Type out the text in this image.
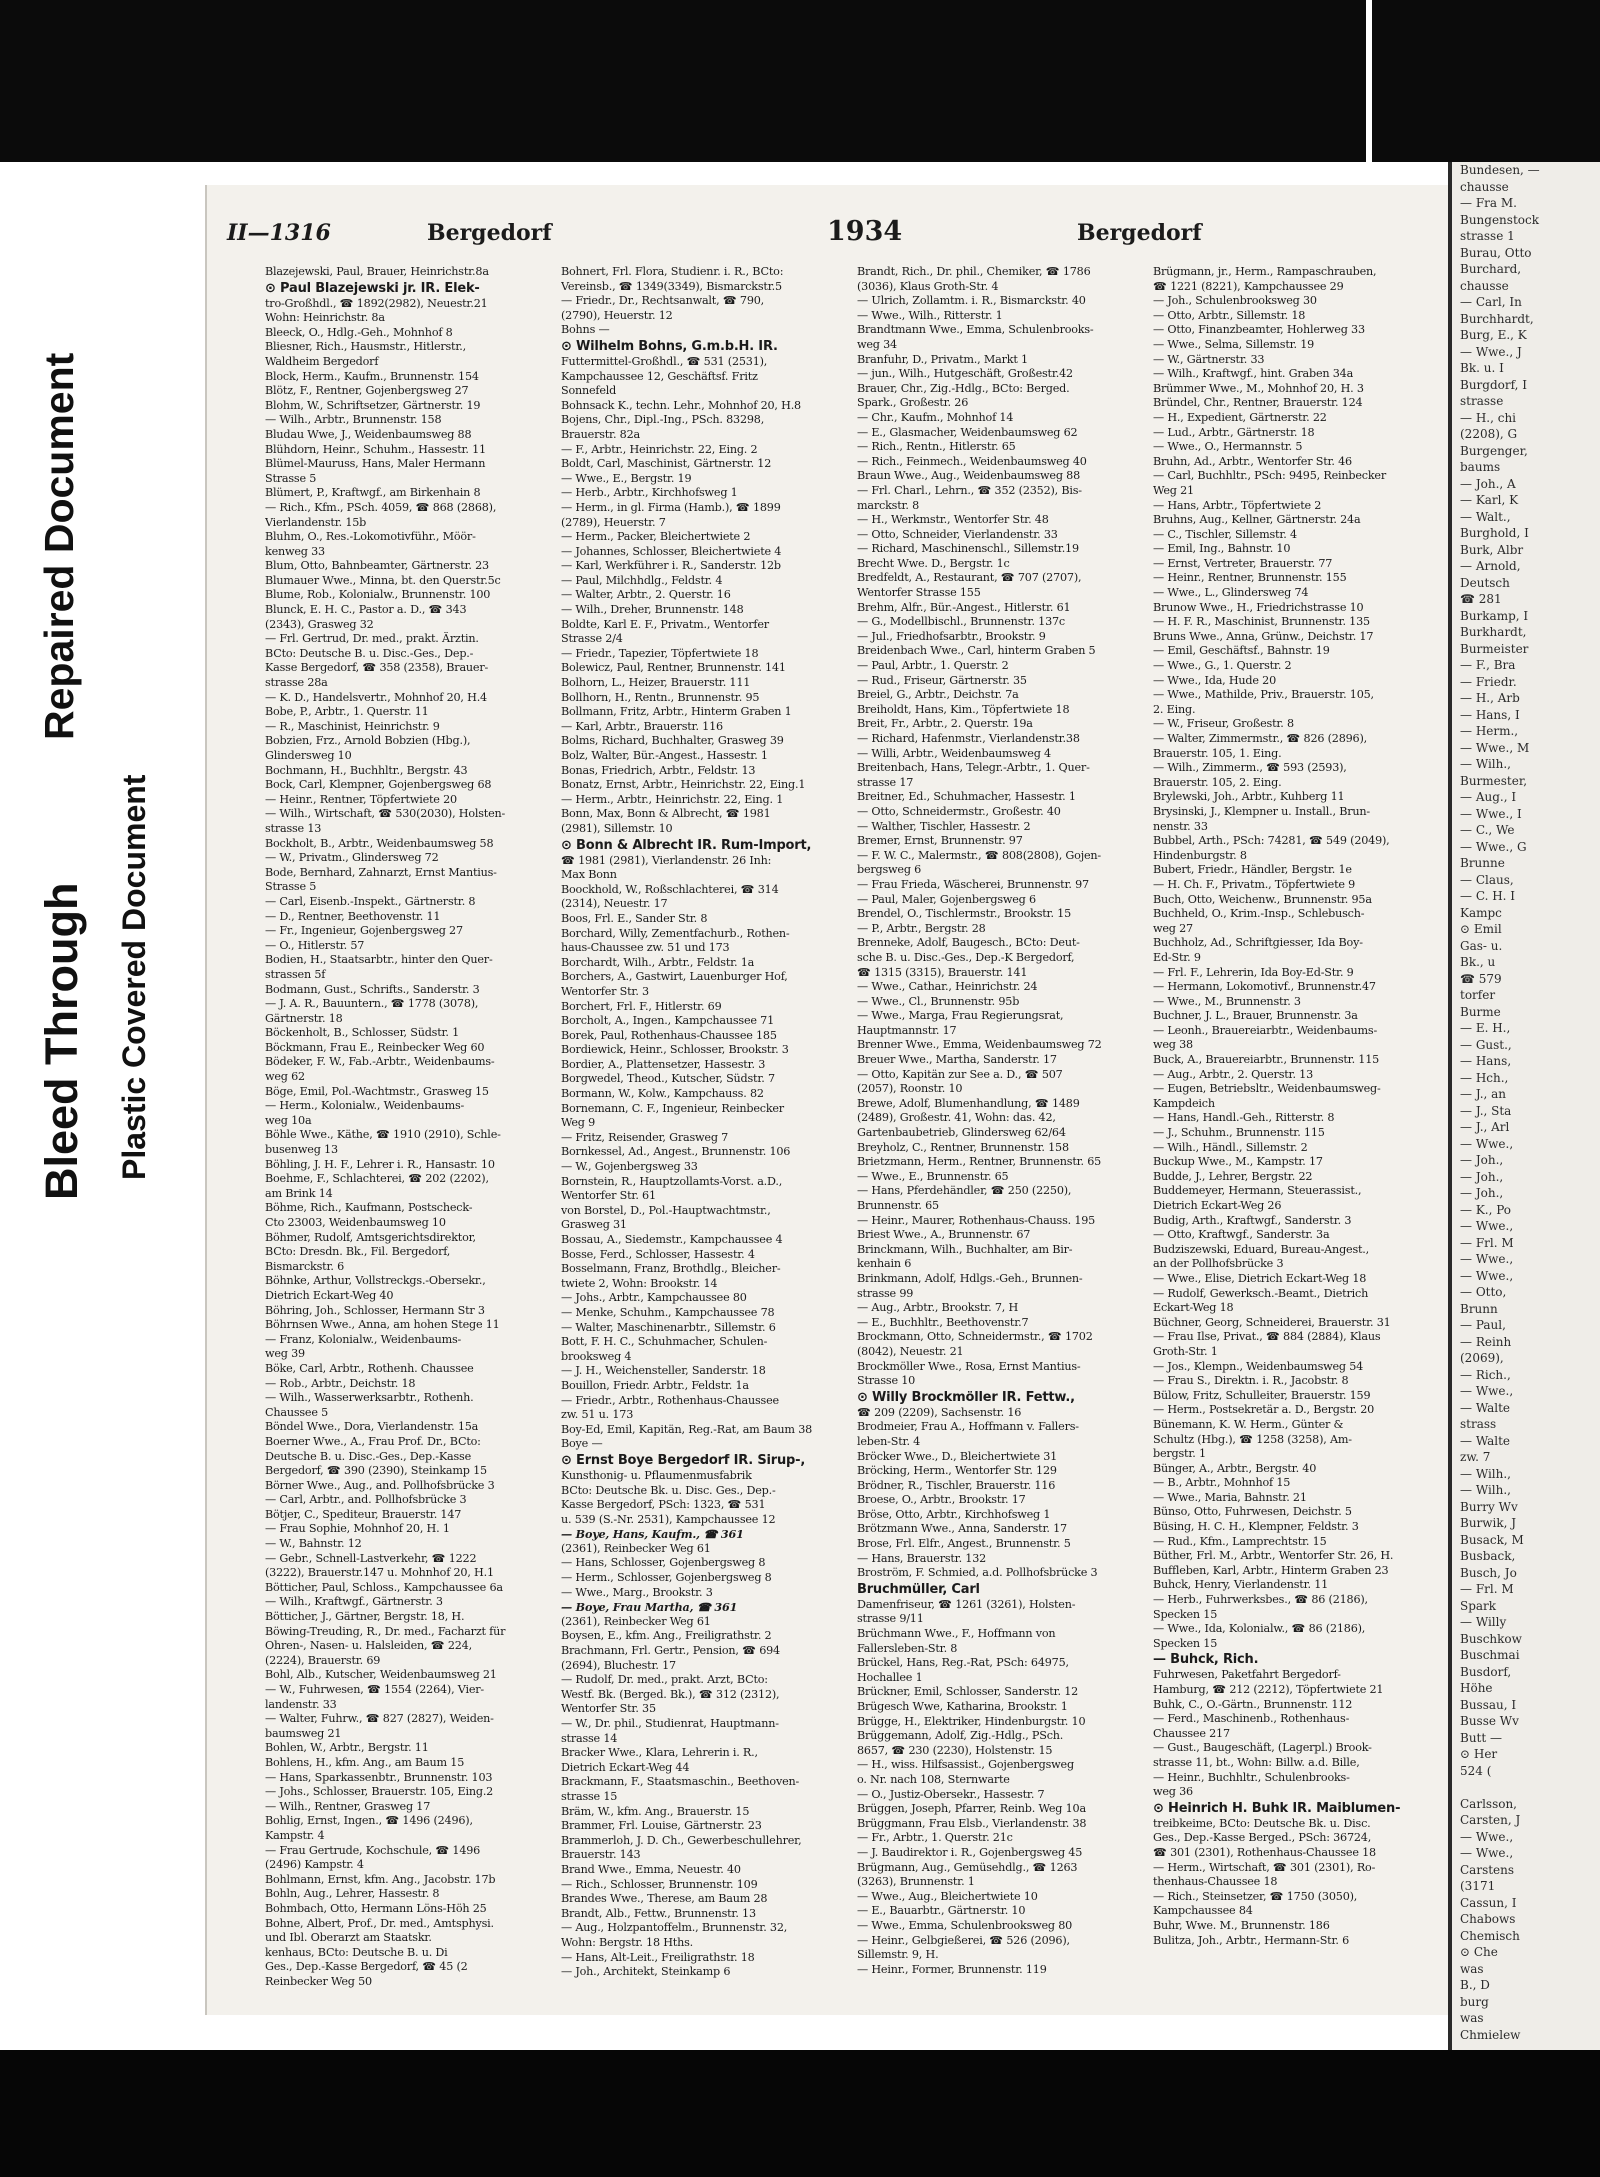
Bleed Through
Repaired Document
Plastic Covered Document
II—1316	Bergedorf	1934	Bergedorf
Blazejewski, Paul, Brauer, Heinrichstr.8a
⊙ Paul Blazejewski jr. IR. Elek-
tro-Großhdl., ☎ 1892(2982), Neuestr.21
Wohn: Heinrichstr. 8a
Bleeck, O., Hdlg.-Geh., Mohnhof 8
Bliesner, Rich., Hausmstr., Hitlerstr.,
Waldheim Bergedorf
Block, Herm., Kaufm., Brunnenstr. 154
Blötz, F., Rentner, Gojenbergsweg 27
Blohm, W., Schriftsetzer, Gärtnerstr. 19
— Wilh., Arbtr., Brunnenstr. 158
Bludau Wwe, J., Weidenbaumsweg 88
Blühdorn, Heinr., Schuhm., Hassestr. 11
Blümel-Mauruss, Hans, Maler Hermann
Strasse 5
Blümert, P., Kraftwgf., am Birkenhain 8
— Rich., Kfm., PSch. 4059, ☎ 868 (2868),
Vierlandenstr. 15b
Bluhm, O., Res.-Lokomotivführ., Möör-
kenweg 33
Blum, Otto, Bahnbeamter, Gärtnerstr. 23
Blumauer Wwe., Minna, bt. den Querstr.5c
Blume, Rob., Kolonialw., Brunnenstr. 100
Blunck, E. H. C., Pastor a. D., ☎ 343
(2343), Grasweg 32
— Frl. Gertrud, Dr. med., prakt. Ärztin.
BCto: Deutsche B. u. Disc.-Ges., Dep.-
Kasse Bergedorf, ☎ 358 (2358), Brauer-
strasse 28a
— K. D., Handelsvertr., Mohnhof 20, H.4
Bobe, P., Arbtr., 1. Querstr. 11
— R., Maschinist, Heinrichstr. 9
Bobzien, Frz., Arnold Bobzien (Hbg.),
Glindersweg 10
Bochmann, H., Buchhltr., Bergstr. 43
Bock, Carl, Klempner, Gojenbergsweg 68
— Heinr., Rentner, Töpfertwiete 20
— Wilh., Wirtschaft, ☎ 530(2030), Holsten-
strasse 13
Bockholt, B., Arbtr., Weidenbaumsweg 58
— W., Privatm., Glindersweg 72
Bode, Bernhard, Zahnarzt, Ernst Mantius-
Strasse 5
— Carl, Eisenb.-Inspekt., Gärtnerstr. 8
— D., Rentner, Beethovenstr. 11
— Fr., Ingenieur, Gojenbergsweg 27
— O., Hitlerstr. 57
Bodien, H., Staatsarbtr., hinter den Quer-
strassen 5f
Bodmann, Gust., Schrifts., Sanderstr. 3
— J. A. R., Bauuntern., ☎ 1778 (3078),
Gärtnerstr. 18
Böckenholt, B., Schlosser, Südstr. 1
Böckmann, Frau E., Reinbecker Weg 60
Bödeker, F. W., Fab.-Arbtr., Weidenbaums-
weg 62
Böge, Emil, Pol.-Wachtmstr., Grasweg 15
— Herm., Kolonialw., Weidenbaums-
weg 10a
Böhle Wwe., Käthe, ☎ 1910 (2910), Schle-
busenweg 13
Böhling, J. H. F., Lehrer i. R., Hansastr. 10
Boehme, F., Schlachterei, ☎ 202 (2202),
am Brink 14
Böhme, Rich., Kaufmann, Postscheck-
Cto 23003, Weidenbaumsweg 10
Böhmer, Rudolf, Amtsgerichtsdirektor,
BCto: Dresdn. Bk., Fil. Bergedorf,
Bismarckstr. 6
Böhnke, Arthur, Vollstreckgs.-Obersekr.,
Dietrich Eckart-Weg 40
Böhring, Joh., Schlosser, Hermann Str 3
Böhrnsen Wwe., Anna, am hohen Stege 11
— Franz, Kolonialw., Weidenbaums-
weg 39
Böke, Carl, Arbtr., Rothenh. Chaussee
— Rob., Arbtr., Deichstr. 18
— Wilh., Wasserwerksarbtr., Rothenh.
Chaussee 5
Böndel Wwe., Dora, Vierlandenstr. 15a
Boerner Wwe., A., Frau Prof. Dr., BCto:
Deutsche B. u. Disc.-Ges., Dep.-Kasse
Bergedorf, ☎ 390 (2390), Steinkamp 15
Börner Wwe., Aug., and. Pollhofsbrücke 3
— Carl, Arbtr., and. Pollhofsbrücke 3
Bötjer, C., Spediteur, Brauerstr. 147
— Frau Sophie, Mohnhof 20, H. 1
— W., Bahnstr. 12
— Gebr., Schnell-Lastverkehr, ☎ 1222
(3222), Brauerstr.147 u. Mohnhof 20, H.1
Bötticher, Paul, Schloss., Kampchaussee 6a
— Wilh., Kraftwgf., Gärtnerstr. 3
Bötticher, J., Gärtner, Bergstr. 18, H.
Böwing-Treuding, R., Dr. med., Facharzt für
Ohren-, Nasen- u. Halsleiden, ☎ 224,
(2224), Brauerstr. 69
Bohl, Alb., Kutscher, Weidenbaumsweg 21
— W., Fuhrwesen, ☎ 1554 (2264), Vier-
landenstr. 33
— Walter, Fuhrw., ☎ 827 (2827), Weiden-
baumsweg 21
Bohlen, W., Arbtr., Bergstr. 11
Bohlens, H., kfm. Ang., am Baum 15
— Hans, Sparkassenbtr., Brunnenstr. 103
— Johs., Schlosser, Brauerstr. 105, Eing.2
— Wilh., Rentner, Grasweg 17
Bohlig, Ernst, Ingen., ☎ 1496 (2496),
Kampstr. 4
— Frau Gertrude, Kochschule, ☎ 1496
(2496) Kampstr. 4
Bohlmann, Ernst, kfm. Ang., Jacobstr. 17b
Bohln, Aug., Lehrer, Hassestr. 8
Bohmbach, Otto, Hermann Löns-Höh 25
Bohne, Albert, Prof., Dr. med., Amtsphysi.
und Ibl. Oberarzt am Staatskr.
kenhaus, BCto: Deutsche B. u. Di
Ges., Dep.-Kasse Bergedorf, ☎ 45 (2
Reinbecker Weg 50
Bohnert, Frl. Flora, Studienr. i. R., BCto:
Vereinsb., ☎ 1349(3349), Bismarckstr.5
— Friedr., Dr., Rechtsanwalt, ☎ 790,
(2790), Heuerstr. 12
Bohns —
⊙ Wilhelm Bohns, G.m.b.H. IR.
Futtermittel-Großhdl., ☎ 531 (2531),
Kampchaussee 12, Geschäftsf. Fritz
Sonnefeld
Bohnsack K., techn. Lehr., Mohnhof 20, H.8
Bojens, Chr., Dipl.-Ing., PSch. 83298,
Brauerstr. 82a
— F., Arbtr., Heinrichstr. 22, Eing. 2
Boldt, Carl, Maschinist, Gärtnerstr. 12
— Wwe., E., Bergstr. 19
— Herb., Arbtr., Kirchhofsweg 1
— Herm., in gl. Firma (Hamb.), ☎ 1899
(2789), Heuerstr. 7
— Herm., Packer, Bleichertwiete 2
— Johannes, Schlosser, Bleichertwiete 4
— Karl, Werkführer i. R., Sanderstr. 12b
— Paul, Milchhdlg., Feldstr. 4
— Walter, Arbtr., 2. Querstr. 16
— Wilh., Dreher, Brunnenstr. 148
Boldte, Karl E. F., Privatm., Wentorfer
Strasse 2/4
— Friedr., Tapezier, Töpfertwiete 18
Bolewicz, Paul, Rentner, Brunnenstr. 141
Bolhorn, L., Heizer, Brauerstr. 111
Bollhorn, H., Rentn., Brunnenstr. 95
Bollmann, Fritz, Arbtr., Hinterm Graben 1
— Karl, Arbtr., Brauerstr. 116
Bolms, Richard, Buchhalter, Grasweg 39
Bolz, Walter, Bür.-Angest., Hassestr. 1
Bonas, Friedrich, Arbtr., Feldstr. 13
Bonatz, Ernst, Arbtr., Heinrichstr. 22, Eing.1
— Herm., Arbtr., Heinrichstr. 22, Eing. 1
Bonn, Max, Bonn & Albrecht, ☎ 1981
(2981), Sillemstr. 10
⊙ Bonn & Albrecht IR. Rum-Import,
☎ 1981 (2981), Vierlandenstr. 26 Inh:
Max Bonn
Boockhold, W., Roßschlachterei, ☎ 314
(2314), Neuestr. 17
Boos, Frl. E., Sander Str. 8
Borchard, Willy, Zementfachurb., Rothen-
haus-Chaussee zw. 51 und 173
Borchardt, Wilh., Arbtr., Feldstr. 1a
Borchers, A., Gastwirt, Lauenburger Hof,
Wentorfer Str. 3
Borchert, Frl. F., Hitlerstr. 69
Borcholt, A., Ingen., Kampchaussee 71
Borek, Paul, Rothenhaus-Chaussee 185
Bordiewick, Heinr., Schlosser, Brookstr. 3
Bordier, A., Plattensetzer, Hassestr. 3
Borgwedel, Theod., Kutscher, Südstr. 7
Bormann, W., Kolw., Kampchauss. 82
Bornemann, C. F., Ingenieur, Reinbecker
Weg 9
— Fritz, Reisender, Grasweg 7
Bornkessel, Ad., Angest., Brunnenstr. 106
— W., Gojenbergsweg 33
Bornstein, R., Hauptzollamts-Vorst. a.D.,
Wentorfer Str. 61
von Borstel, D., Pol.-Hauptwachtmstr.,
Grasweg 31
Bossau, A., Siedemstr., Kampchaussee 4
Bosse, Ferd., Schlosser, Hassestr. 4
Bosselmann, Franz, Brothdlg., Bleicher-
twiete 2, Wohn: Brookstr. 14
— Johs., Arbtr., Kampchaussee 80
— Menke, Schuhm., Kampchaussee 78
— Walter, Maschinenarbtr., Sillemstr. 6
Bott, F. H. C., Schuhmacher, Schulen-
brooksweg 4
— J. H., Weichensteller, Sanderstr. 18
Bouillon, Friedr. Arbtr., Feldstr. 1a
— Friedr., Arbtr., Rothenhaus-Chaussee
zw. 51 u. 173
Boy-Ed, Emil, Kapitän, Reg.-Rat, am Baum 38
Boye —
⊙ Ernst Boye Bergedorf IR. Sirup-,
Kunsthonig- u. Pflaumenmusfabrik
BCto: Deutsche Bk. u. Disc. Ges., Dep.-
Kasse Bergedorf, PSch: 1323, ☎ 531
u. 539 (S.-Nr. 2531), Kampchaussee 12
— Boye, Hans, Kaufm., ☎ 361
(2361), Reinbecker Weg 61
— Hans, Schlosser, Gojenbergsweg 8
— Herm., Schlosser, Gojenbergsweg 8
— Wwe., Marg., Brookstr. 3
— Boye, Frau Martha, ☎ 361
(2361), Reinbecker Weg 61
Boysen, E., kfm. Ang., Freiligrathstr. 2
Brachmann, Frl. Gertr., Pension, ☎ 694
(2694), Bluchestr. 17
— Rudolf, Dr. med., prakt. Arzt, BCto:
Westf. Bk. (Berged. Bk.), ☎ 312 (2312),
Wentorfer Str. 35
— W., Dr. phil., Studienrat, Hauptmann-
strasse 14
Bracker Wwe., Klara, Lehrerin i. R.,
Dietrich Eckart-Weg 44
Brackmann, F., Staatsmaschin., Beethoven-
strasse 15
Bräm, W., kfm. Ang., Brauerstr. 15
Brammer, Frl. Louise, Gärtnerstr. 23
Brammerloh, J. D. Ch., Gewerbeschullehrer,
Brauerstr. 143
Brand Wwe., Emma, Neuestr. 40
— Rich., Schlosser, Brunnenstr. 109
Brandes Wwe., Therese, am Baum 28
Brandt, Alb., Fettw., Brunnenstr. 13
— Aug., Holzpantoffelm., Brunnenstr. 32,
Wohn: Bergstr. 18 Hths.
— Hans, Alt-Leit., Freiligrathstr. 18
— Joh., Architekt, Steinkamp 6
Brandt, Rich., Dr. phil., Chemiker, ☎ 1786
(3036), Klaus Groth-Str. 4
— Ulrich, Zollamtm. i. R., Bismarckstr. 40
— Wwe., Wilh., Ritterstr. 1
Brandtmann Wwe., Emma, Schulenbrooks-
weg 34
Branfuhr, D., Privatm., Markt 1
— jun., Wilh., Hutgeschäft, Großestr.42
Brauer, Chr., Zig.-Hdlg., BCto: Berged.
Spark., Großestr. 26
— Chr., Kaufm., Mohnhof 14
— E., Glasmacher, Weidenbaumsweg 62
— Rich., Rentn., Hitlerstr. 65
— Rich., Feinmech., Weidenbaumsweg 40
Braun Wwe., Aug., Weidenbaumsweg 88
— Frl. Charl., Lehrn., ☎ 352 (2352), Bis-
marckstr. 8
— H., Werkmstr., Wentorfer Str. 48
— Otto, Schneider, Vierlandenstr. 33
— Richard, Maschinenschl., Sillemstr.19
Brecht Wwe. D., Bergstr. 1c
Bredfeldt, A., Restaurant, ☎ 707 (2707),
Wentorfer Strasse 155
Brehm, Alfr., Bür.-Angest., Hitlerstr. 61
— G., Modellbischl., Brunnenstr. 137c
— Jul., Friedhofsarbtr., Brookstr. 9
Breidenbach Wwe., Carl, hinterm Graben 5
— Paul, Arbtr., 1. Querstr. 2
— Rud., Friseur, Gärtnerstr. 35
Breiel, G., Arbtr., Deichstr. 7a
Breiholdt, Hans, Kim., Töpfertwiete 18
Breit, Fr., Arbtr., 2. Querstr. 19a
— Richard, Hafenmstr., Vierlandenstr.38
— Willi, Arbtr., Weidenbaumsweg 4
Breitenbach, Hans, Telegr.-Arbtr., 1. Quer-
strasse 17
Breitner, Ed., Schuhmacher, Hassestr. 1
— Otto, Schneidermstr., Großestr. 40
— Walther, Tischler, Hassestr. 2
Bremer, Ernst, Brunnenstr. 97
— F. W. C., Malermstr., ☎ 808(2808), Gojen-
bergsweg 6
— Frau Frieda, Wäscherei, Brunnenstr. 97
— Paul, Maler, Gojenbergsweg 6
Brendel, O., Tischlermstr., Brookstr. 15
— P., Arbtr., Bergstr. 28
Brenneke, Adolf, Baugesch., BCto: Deut-
sche B. u. Disc.-Ges., Dep.-K Bergedorf,
☎ 1315 (3315), Brauerstr. 141
— Wwe., Cathar., Heinrichstr. 24
— Wwe., Cl., Brunnenstr. 95b
— Wwe., Marga, Frau Regierungsrat,
Hauptmannstr. 17
Brenner Wwe., Emma, Weidenbaumsweg 72
Breuer Wwe., Martha, Sanderstr. 17
— Otto, Kapitän zur See a. D., ☎ 507
(2057), Roonstr. 10
Brewe, Adolf, Blumenhandlung, ☎ 1489
(2489), Großestr. 41, Wohn: das. 42,
Gartenbaubetrieb, Glindersweg 62/64
Breyholz, C., Rentner, Brunnenstr. 158
Brietzmann, Herm., Rentner, Brunnenstr. 65
— Wwe., E., Brunnenstr. 65
— Hans, Pferdehändler, ☎ 250 (2250),
Brunnenstr. 65
— Heinr., Maurer, Rothenhaus-Chauss. 195
Briest Wwe., A., Brunnenstr. 67
Brinckmann, Wilh., Buchhalter, am Bir-
kenhain 6
Brinkmann, Adolf, Hdlgs.-Geh., Brunnen-
strasse 99
— Aug., Arbtr., Brookstr. 7, H
— E., Buchhltr., Beethovenstr.7
Brockmann, Otto, Schneidermstr., ☎ 1702
(8042), Neuestr. 21
Brockmöller Wwe., Rosa, Ernst Mantius-
Strasse 10
⊙ Willy Brockmöller IR. Fettw.,
☎ 209 (2209), Sachsenstr. 16
Brodmeier, Frau A., Hoffmann v. Fallers-
leben-Str. 4
Bröcker Wwe., D., Bleichertwiete 31
Bröcking, Herm., Wentorfer Str. 129
Brödner, R., Tischler, Brauerstr. 116
Broese, O., Arbtr., Brookstr. 17
Bröse, Otto, Arbtr., Kirchhofsweg 1
Brötzmann Wwe., Anna, Sanderstr. 17
Brose, Frl. Elfr., Angest., Brunnenstr. 5
— Hans, Brauerstr. 132
Broström, F. Schmied, a.d. Pollhofsbrücke 3
Bruchmüller, Carl
Damenfriseur, ☎ 1261 (3261), Holsten-
strasse 9/11
Brüchmann Wwe., F., Hoffmann von
Fallersleben-Str. 8
Brückel, Hans, Reg.-Rat, PSch: 64975,
Hochallee 1
Brückner, Emil, Schlosser, Sanderstr. 12
Brügesch Wwe, Katharina, Brookstr. 1
Brügge, H., Elektriker, Hindenburgstr. 10
Brüggemann, Adolf, Zig.-Hdlg., PSch.
8657, ☎ 230 (2230), Holstenstr. 15
— H., wiss. Hilfsassist., Gojenbergsweg
o. Nr. nach 108, Sternwarte
— O., Justiz-Obersekr., Hassestr. 7
Brüggen, Joseph, Pfarrer, Reinb. Weg 10a
Brüggmann, Frau Elsb., Vierlandenstr. 38
— Fr., Arbtr., 1. Querstr. 21c
— J. Baudirektor i. R., Gojenbergsweg 45
Brügmann, Aug., Gemüsehdlg., ☎ 1263
(3263), Brunnenstr. 1
— Wwe., Aug., Bleichertwiete 10
— E., Bauarbtr., Gärtnerstr. 10
— Wwe., Emma, Schulenbrooksweg 80
— Heinr., Gelbgießerei, ☎ 526 (2096),
Sillemstr. 9, H.
— Heinr., Former, Brunnenstr. 119
Brügmann, jr., Herm., Rampaschrauben,
☎ 1221 (8221), Kampchaussee 29
— Joh., Schulenbrooksweg 30
— Otto, Arbtr., Sillemstr. 18
— Otto, Finanzbeamter, Hohlerweg 33
— Wwe., Selma, Sillemstr. 19
— W., Gärtnerstr. 33
— Wilh., Kraftwgf., hint. Graben 34a
Brümmer Wwe., M., Mohnhof 20, H. 3
Bründel, Chr., Rentner, Brauerstr. 124
— H., Expedient, Gärtnerstr. 22
— Lud., Arbtr., Gärtnerstr. 18
— Wwe., O., Hermannstr. 5
Bruhn, Ad., Arbtr., Wentorfer Str. 46
— Carl, Buchhltr., PSch: 9495, Reinbecker
Weg 21
— Hans, Arbtr., Töpfertwiete 2
Bruhns, Aug., Kellner, Gärtnerstr. 24a
— C., Tischler, Sillemstr. 4
— Emil, Ing., Bahnstr. 10
— Ernst, Vertreter, Brauerstr. 77
— Heinr., Rentner, Brunnenstr. 155
— Wwe., L., Glindersweg 74
Brunow Wwe., H., Friedrichstrasse 10
— H. F. R., Maschinist, Brunnenstr. 135
Bruns Wwe., Anna, Grünw., Deichstr. 17
— Emil, Geschäftsf., Bahnstr. 19
— Wwe., G., 1. Querstr. 2
— Wwe., Ida, Hude 20
— Wwe., Mathilde, Priv., Brauerstr. 105,
2. Eing.
— W., Friseur, Großestr. 8
— Walter, Zimmermstr., ☎ 826 (2896),
Brauerstr. 105, 1. Eing.
— Wilh., Zimmerm., ☎ 593 (2593),
Brauerstr. 105, 2. Eing.
Brylewski, Joh., Arbtr., Kuhberg 11
Brysinski, J., Klempner u. Install., Brun-
nenstr. 33
Bubbel, Arth., PSch: 74281, ☎ 549 (2049),
Hindenburgstr. 8
Bubert, Friedr., Händler, Bergstr. 1e
— H. Ch. F., Privatm., Töpfertwiete 9
Buch, Otto, Weichenw., Brunnenstr. 95a
Buchheld, O., Krim.-Insp., Schlebusch-
weg 27
Buchholz, Ad., Schriftgiesser, Ida Boy-
Ed-Str. 9
— Frl. F., Lehrerin, Ida Boy-Ed-Str. 9
— Hermann, Lokomotivf., Brunnenstr.47
— Wwe., M., Brunnenstr. 3
Buchner, J. L., Brauer, Brunnenstr. 3a
— Leonh., Brauereiarbtr., Weidenbaums-
weg 38
Buck, A., Brauereiarbtr., Brunnenstr. 115
— Aug., Arbtr., 2. Querstr. 13
— Eugen, Betriebsltr., Weidenbaumsweg-
Kampdeich
— Hans, Handl.-Geh., Ritterstr. 8
— J., Schuhm., Brunnenstr. 115
— Wilh., Händl., Sillemstr. 2
Buckup Wwe., M., Kampstr. 17
Budde, J., Lehrer, Bergstr. 22
Buddemeyer, Hermann, Steuerassist.,
Dietrich Eckart-Weg 26
Budig, Arth., Kraftwgf., Sanderstr. 3
— Otto, Kraftwgf., Sanderstr. 3a
Budziszewski, Eduard, Bureau-Angest.,
an der Pollhofsbrücke 3
— Wwe., Elise, Dietrich Eckart-Weg 18
— Rudolf, Gewerksch.-Beamt., Dietrich
Eckart-Weg 18
Büchner, Georg, Schneiderei, Brauerstr. 31
— Frau Ilse, Privat., ☎ 884 (2884), Klaus
Groth-Str. 1
— Jos., Klempn., Weidenbaumsweg 54
— Frau S., Direktn. i. R., Jacobstr. 8
Bülow, Fritz, Schulleiter, Brauerstr. 159
— Herm., Postsekretär a. D., Bergstr. 20
Bünemann, K. W. Herm., Günter &
Schultz (Hbg.), ☎ 1258 (3258), Am-
bergstr. 1
Bünger, A., Arbtr., Bergstr. 40
— B., Arbtr., Mohnhof 15
— Wwe., Maria, Bahnstr. 21
Bünso, Otto, Fuhrwesen, Deichstr. 5
Büsing, H. C. H., Klempner, Feldstr. 3
— Rud., Kfm., Lamprechtstr. 15
Büther, Frl. M., Arbtr., Wentorfer Str. 26, H.
Buffleben, Karl, Arbtr., Hinterm Graben 23
Buhck, Henry, Vierlandenstr. 11
— Herb., Fuhrwerksbes., ☎ 86 (2186),
Specken 15
— Wwe., Ida, Kolonialw., ☎ 86 (2186),
Specken 15
— Buhck, Rich.
Fuhrwesen, Paketfahrt Bergedorf-
Hamburg, ☎ 212 (2212), Töpfertwiete 21
Buhk, C., O.-Gärtn., Brunnenstr. 112
— Ferd., Maschinenb., Rothenhaus-
Chaussee 217
— Gust., Baugeschäft, (Lagerpl.) Brook-
strasse 11, bt., Wohn: Billw. a.d. Bille,
— Heinr., Buchhltr., Schulenbrooks-
weg 36
⊙ Heinrich H. Buhk IR. Maiblumen-
treibkeime, BCto: Deutsche Bk. u. Disc.
Ges., Dep.-Kasse Berged., PSch: 36724,
☎ 301 (2301), Rothenhaus-Chaussee 18
— Herm., Wirtschaft, ☎ 301 (2301), Ro-
thenhaus-Chaussee 18
— Rich., Steinsetzer, ☎ 1750 (3050),
Kampchaussee 84
Buhr, Wwe. M., Brunnenstr. 186
Bulitza, Joh., Arbtr., Hermann-Str. 6
Bundesen, —
chausse
— Fra M.
Bungenstock
strasse 1
Burau, Otto
Burchard,
chausse
— Carl, In
Burchhardt,
Burg, E., K
— Wwe., J
Bk. u. I
Burgdorf, I
strasse
— H., chi
(2208), G
Burgenger,
baums
— Joh., A
— Karl, K
— Walt.,
Burghold, I
Burk, Albr
— Arnold,
Deutsch
☎ 281
Burkamp, I
Burkhardt,
Burmeister
— F., Bra
— Friedr.
— H., Arb
— Hans, I
— Herm.,
— Wwe., M
— Wilh.,
Burmester,
— Aug., I
— Wwe., I
— C., We
— Wwe., G
Brunne
— Claus,
— C. H. I
Kampc
⊙ Emil
Gas- u.
Bk., u
☎ 579
torfer
Burme
— E. H.,
— Gust.,
— Hans,
— Hch.,
— J., an
— J., Sta
— J., Arl
— Wwe.,
— Joh.,
— Joh.,
— Joh.,
— K., Po
— Wwe.,
— Frl. M
— Wwe.,
— Wwe.,
— Otto,
Brunn
— Paul,
— Reinh
(2069),
— Rich.,
— Wwe.,
— Walte
strass
— Walte
zw. 7
— Wilh.,
— Wilh.,
Burry Wv
Burwik, J
Busack, M
Busback,
Busch, Jo
— Frl. M
Spark
— Willy
Buschkow
Buschmai
Busdorf,
Höhe
Bussau, I
Busse Wv
Butt —
⊙ Her
524 (

Carlsson,
Carsten, J
— Wwe.,
— Wwe.,
Carstens
(3171
Cassun, I
Chabows
Chemisch
⊙ Che
was
B., D
burg
was
Chmielew
